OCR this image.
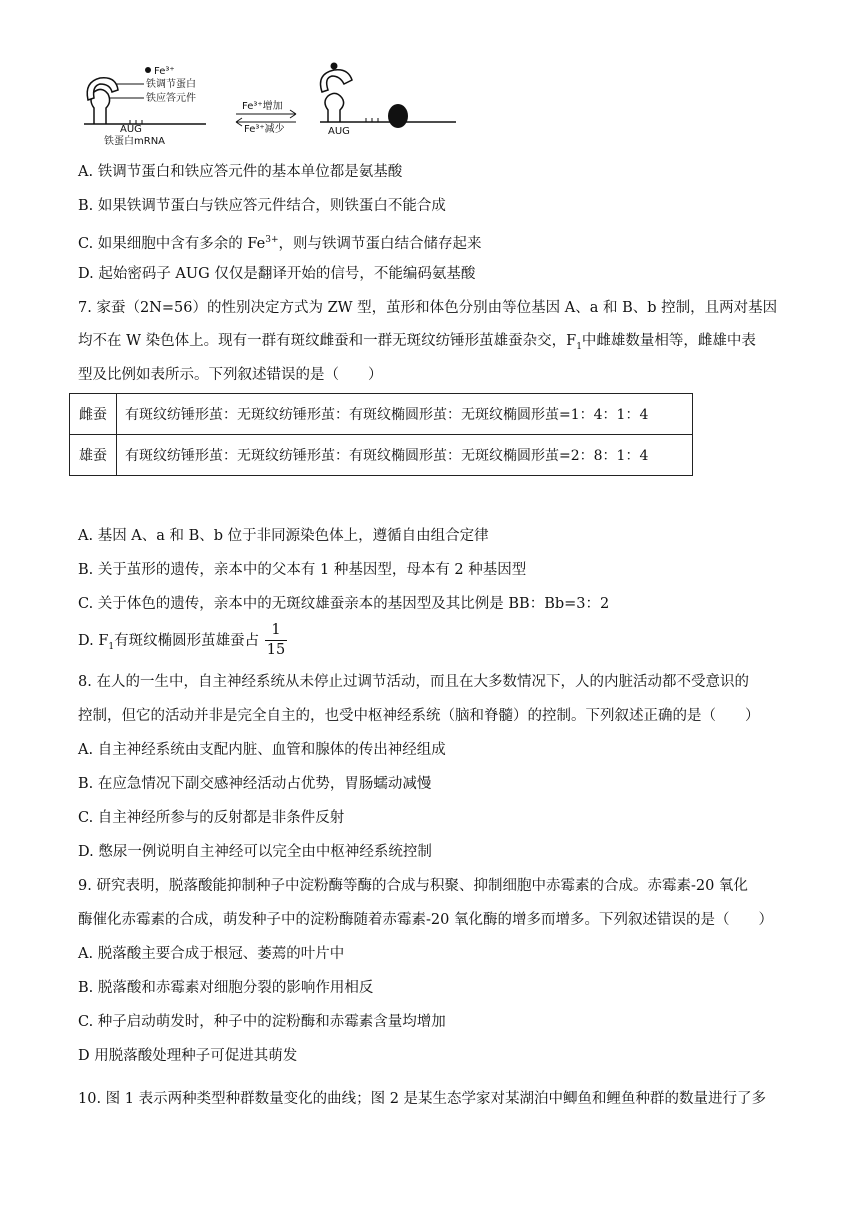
Fe³⁺
铁调节蛋白
铁应答元件
AUG
铁蛋白mRNA
Fe³⁺增加
Fe³⁺减少	AUG
A. 铁调节蛋白和铁应答元件的基本单位都是氨基酸
B. 如果铁调节蛋白与铁应答元件结合，则铁蛋白不能合成
C. 如果细胞中含有多余的 $Fe^{3+}$，则与铁调节蛋白结合储存起来
D. 起始密码子 AUG 仅仅是翻译开始的信号，不能编码氨基酸
7. 家蚕（2N=56）的性别决定方式为 ZW 型，茧形和体色分别由等位基因 A、a 和 B、b 控制，且两对基因
均不在 W 染色体上。现有一群有斑纹雌蚕和一群无斑纹纺锤形茧雄蚕杂交，$F_1$中雌雄数量相等，雌雄中表
型及比例如表所示。下列叙述错误的是（　　）
雌蚕	有斑纹纺锤形茧：无斑纹纺锤形茧：有斑纹椭圆形茧：无斑纹椭圆形茧=1：4：1：4
雄蚕	有斑纹纺锤形茧：无斑纹纺锤形茧：有斑纹椭圆形茧：无斑纹椭圆形茧=2：8：1：4
A. 基因 A、a 和 B、b 位于非同源染色体上，遵循自由组合定律
B. 关于茧形的遗传，亲本中的父本有 1 种基因型，母本有 2 种基因型
C. 关于体色的遗传，亲本中的无斑纹雄蚕亲本的基因型及其比例是 BB：Bb=3：2
D. $F_1$有斑纹椭圆形茧雄蚕占 $\frac{1}{15}$
8. 在人的一生中，自主神经系统从未停止过调节活动，而且在大多数情况下，人的内脏活动都不受意识的
控制，但它的活动并非是完全自主的，也受中枢神经系统（脑和脊髓）的控制。下列叙述正确的是（　　）
A. 自主神经系统由支配内脏、血管和腺体的传出神经组成
B. 在应急情况下副交感神经活动占优势，胃肠蠕动减慢
C. 自主神经所参与的反射都是非条件反射
D. 憋尿一例说明自主神经可以完全由中枢神经系统控制
9. 研究表明，脱落酸能抑制种子中淀粉酶等酶的合成与积聚、抑制细胞中赤霉素的合成。赤霉素-20 氧化
酶催化赤霉素的合成，萌发种子中的淀粉酶随着赤霉素-20 氧化酶的增多而增多。下列叙述错误的是（　　）
A. 脱落酸主要合成于根冠、萎蔫的叶片中
B. 脱落酸和赤霉素对细胞分裂的影响作用相反
C. 种子启动萌发时，种子中的淀粉酶和赤霉素含量均增加
D 用脱落酸处理种子可促进其萌发
10. 图 1 表示两种类型种群数量变化的曲线；图 2 是某生态学家对某湖泊中鲫鱼和鲤鱼种群的数量进行了多
